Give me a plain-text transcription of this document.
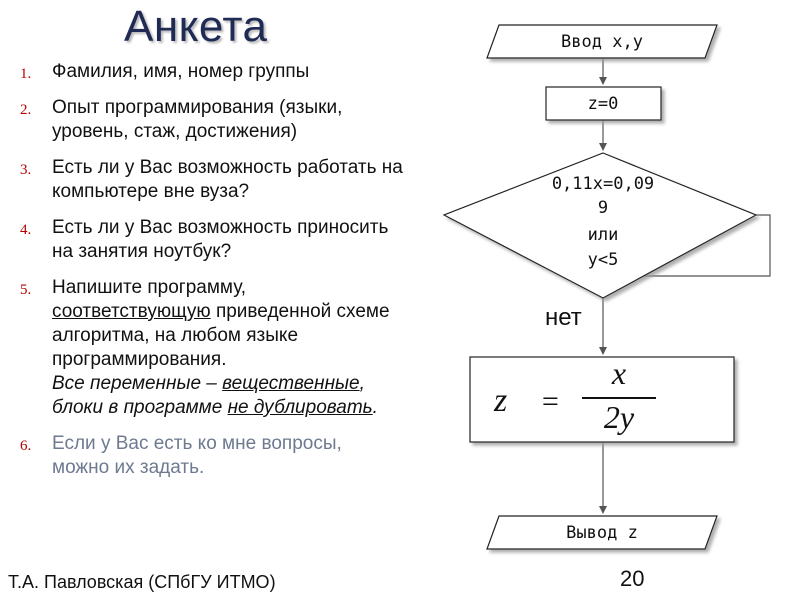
Анкета
1. Фамилия, имя, номер группы
2. Опыт программирования (языки,
уровень, стаж, достижения)
3. Есть ли у Вас возможность работать на
компьютере вне вуза?
4. Есть ли у Вас возможность приносить
на занятия ноутбук?
5. Напишите программу,
соответствующую приведенной схеме
алгоритма, на любом языке
программирования.
Все переменные – вещественные,
блоки в программе не дублировать.
6. Если у Вас есть ко мне вопросы,
можно их задать.
Ввод x,y
z=0
0,11x=0,09
9
или
y<5
z =
x
2y
Вывод z
нет
Т.А. Павловская (СПбГУ ИТМО)	20
